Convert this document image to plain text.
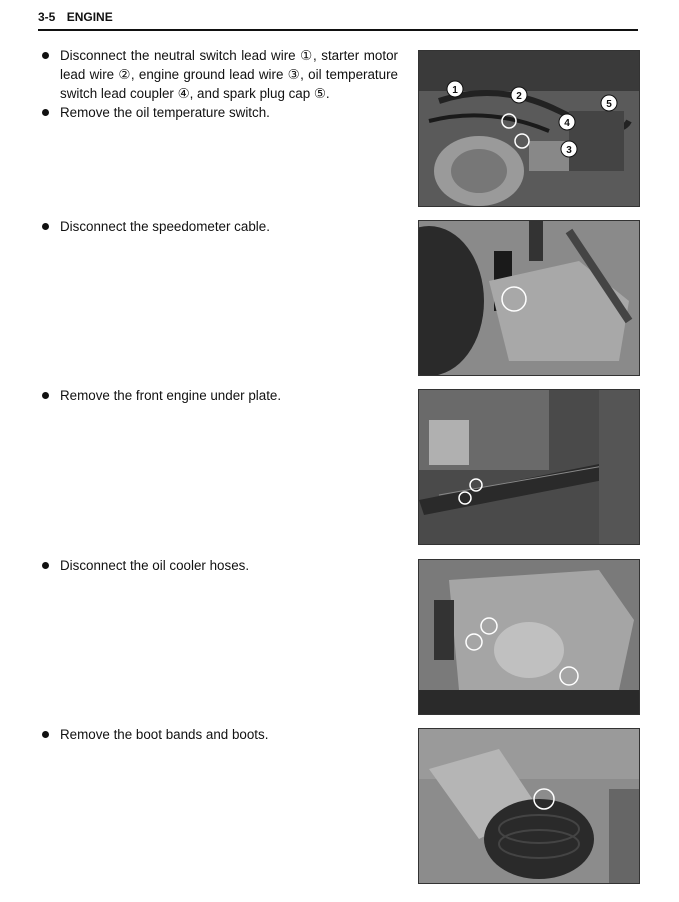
3-5 ENGINE
Disconnect the neutral switch lead wire ①, starter motor lead wire ②, engine ground lead wire ③, oil temperature switch lead coupler ④, and spark plug cap ⑤.
Remove the oil temperature switch.
1
2
3
4
5
Disconnect the speedometer cable.
Remove the front engine under plate.
Disconnect the oil cooler hoses.
Remove the boot bands and boots.
